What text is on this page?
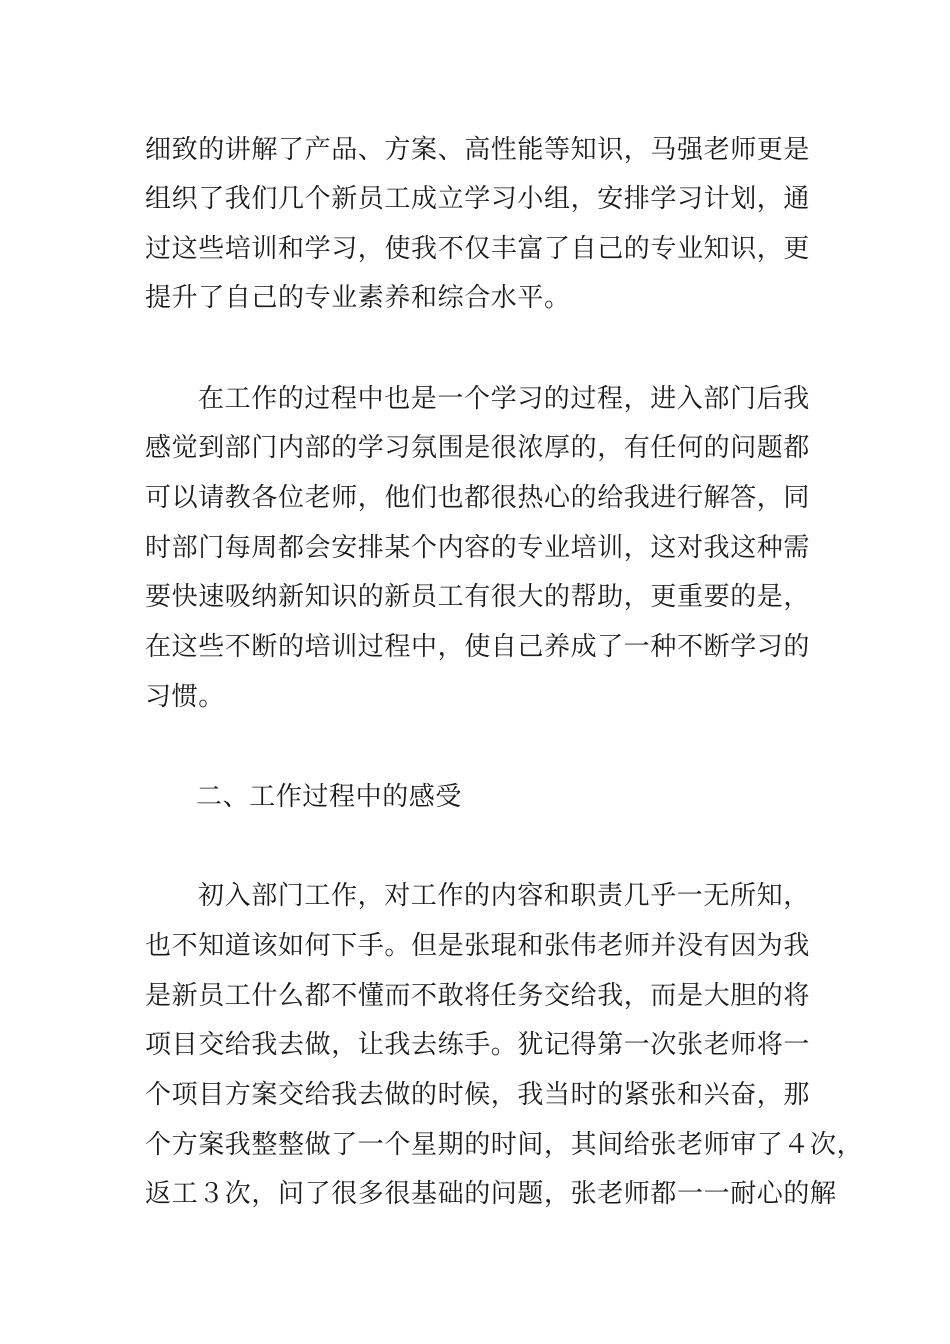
细致的讲解了产品、方案、高性能等知识，马强老师更是
组织了我们几个新员工成立学习小组，安排学习计划，通
过这些培训和学习，使我不仅丰富了自己的专业知识，更
提升了自己的专业素养和综合水平。
在工作的过程中也是一个学习的过程，进入部门后我
感觉到部门内部的学习氛围是很浓厚的，有任何的问题都
可以请教各位老师，他们也都很热心的给我进行解答，同
时部门每周都会安排某个内容的专业培训，这对我这种需
要快速吸纳新知识的新员工有很大的帮助，更重要的是，
在这些不断的培训过程中，使自己养成了一种不断学习的
习惯。
二、工作过程中的感受
初入部门工作，对工作的内容和职责几乎一无所知，
也不知道该如何下手。但是张琨和张伟老师并没有因为我
是新员工什么都不懂而不敢将任务交给我，而是大胆的将
项目交给我去做，让我去练手。犹记得第一次张老师将一
个项目方案交给我去做的时候，我当时的紧张和兴奋，那
个方案我整整做了一个星期的时间，其间给张老师审了４次，
返工３次，问了很多很基础的问题，张老师都一一耐心的解
